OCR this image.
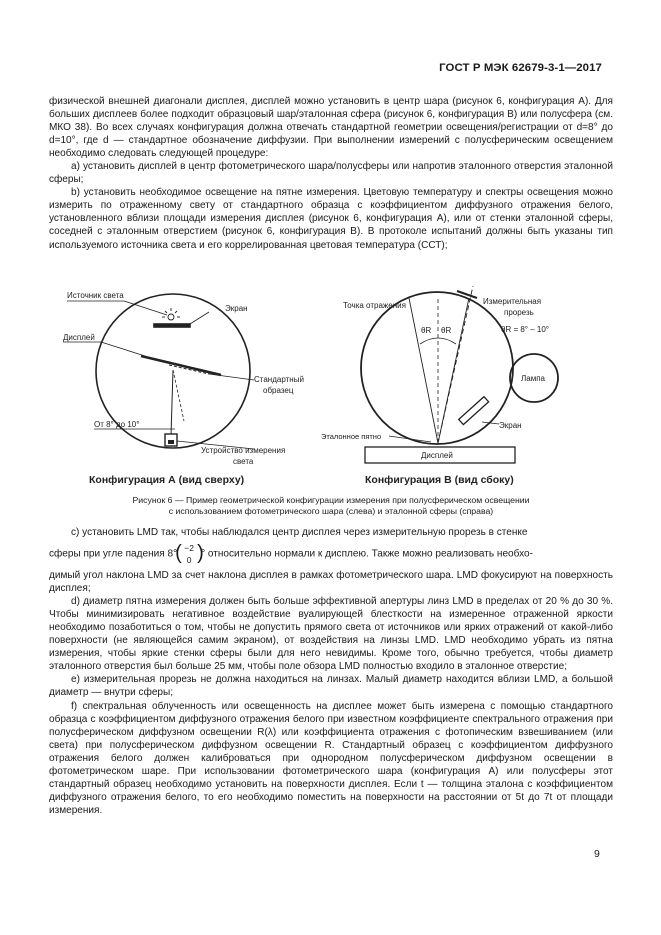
ГОСТ Р МЭК 62679-3-1—2017

физической внешней диагонали дисплея, дисплей можно установить в центр шара (рисунок 6, конфигурация А). Для больших дисплеев более подходит образцовый шар/эталонная сфера (рисунок 6, конфигурация В) или полусфера (см. МКО 38). Во всех случаях конфигурация должна отвечать стандартной геометрии освещения/регистрации от d=8° до d=10°, где d — стандартное обозначение диффузии. При выполнении измерений с полусферическим освещением необходимо следовать следующей процедуре:

а) установить дисплей в центр фотометрического шара/полусферы или напротив эталонного отверстия эталонной сферы;

b) установить необходимое освещение на пятне измерения. Цветовую температуру и спектры освещения можно измерить по отраженному свету от стандартного образца с коэффициентом диффузного отражения белого, установленного вблизи площади измерения дисплея (рисунок 6, конфигурация А), или от стенки эталонной сферы, соседней с эталонным отверстием (рисунок 6, конфигурация В). В протоколе испытаний должны быть указаны тип используемого источника света и его коррелированная цветовая температура (ССТ);

Источник света
Экран
Дисплей
Стандартный
образец
От 8° до 10°
Устройство измерения
света
Конфигурация А (вид сверху)
Точка отражения	Измерительная
прорезь
θR θR	θR = 8° – 10°
Лампа
Экран
Эталонное пятно
Дисплей
Конфигурация В (вид сбоку)
Рисунок 6 — Пример геометрической конфигурации измерения при полусферическом освещении
с использованием фотометрического шара (слева) и эталонной сферы (справа)

с) установить LMD так, чтобы наблюдался центр дисплея через измерительную прорезь в стенке

сферы при угле падения 8°
( −2
0 )
° относительно нормали к дисплею. Также можно реализовать необхо-

димый угол наклона LMD за счет наклона дисплея в рамках фотометрического шара. LMD фокусируют на поверхность дисплея;

d) диаметр пятна измерения должен быть больше эффективной апертуры линз LMD в пределах от 20 % до 30 %. Чтобы минимизировать негативное воздействие вуалирующей блесткости на измеренное отраженной яркости необходимо позаботиться о том, чтобы не допустить прямого света от источников или ярких отражений от какой-либо поверхности (не являющейся самим экраном), от воздействия на линзы LMD. LMD необходимо убрать из пятна измерения, чтобы яркие стенки сферы были для него невидимы. Кроме того, обычно требуется, чтобы диаметр эталонного отверстия был больше 25 мм, чтобы поле обзора LMD полностью входило в эталонное отверстие;

е) измерительная прорезь не должна находиться на линзах. Малый диаметр находится вблизи LMD, а большой диаметр — внутри сферы;

f) спектральная облученность или освещенность на дисплее может быть измерена с помощью стандартного образца с коэффициентом диффузного отражения белого при известном коэффициенте спектрального отражения при полусферическом диффузном освещении R(λ) или коэффициента отражения с фотопическим взвешиванием (или света) при полусферическом диффузном освещении R. Стандартный образец с коэффициентом диффузного отражения белого должен калиброваться при однородном полусферическом диффузном освещении в фотометрическом шаре. При использовании фотометрического шара (конфигурация А) или полусферы этот стандартный образец необходимо установить на поверхности дисплея. Если t — толщина эталона с коэффициентом диффузного отражения белого, то его необходимо поместить на поверхности на расстоянии от 5t до 7t от площади измерения.

9
